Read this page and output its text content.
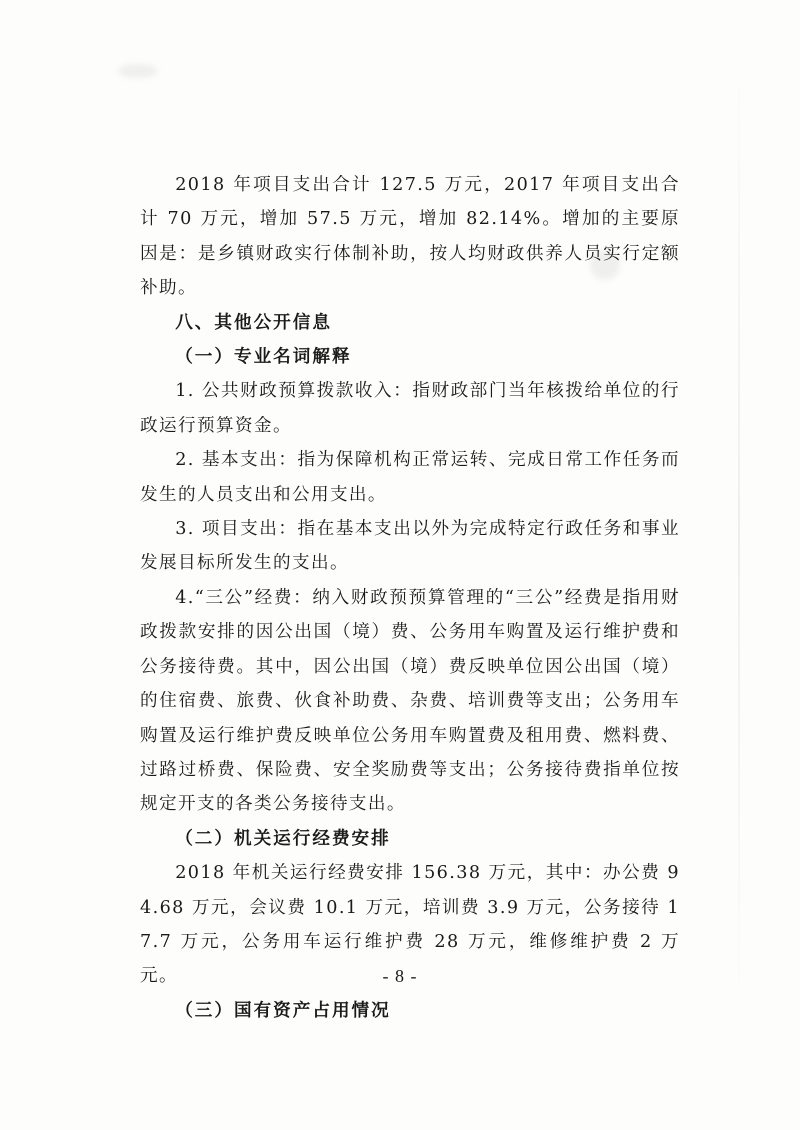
2018 年项目支出合计 127.5 万元，2017 年项目支出合计 70 万元，增加 57.5 万元，增加 82.14%。增加的主要原因是：是乡镇财政实行体制补助，按人均财政供养人员实行定额补助。

八、其他公开信息

（一）专业名词解释

1. 公共财政预算拨款收入：指财政部门当年核拨给单位的行政运行预算资金。

2. 基本支出：指为保障机构正常运转、完成日常工作任务而发生的人员支出和公用支出。

3. 项目支出：指在基本支出以外为完成特定行政任务和事业发展目标所发生的支出。

4.“三公”经费：纳入财政预预算管理的“三公”经费是指用财政拨款安排的因公出国（境）费、公务用车购置及运行维护费和公务接待费。其中，因公出国（境）费反映单位因公出国（境）的住宿费、旅费、伙食补助费、杂费、培训费等支出；公务用车购置及运行维护费反映单位公务用车购置费及租用费、燃料费、过路过桥费、保险费、安全奖励费等支出；公务接待费指单位按规定开支的各类公务接待支出。

（二）机关运行经费安排

2018 年机关运行经费安排 156.38 万元，其中：办公费 94.68 万元，会议费 10.1 万元，培训费 3.9 万元，公务接待 17.7 万元，公务用车运行维护费 28 万元，维修维护费 2 万元。

（三）国有资产占用情况

- 8 -
